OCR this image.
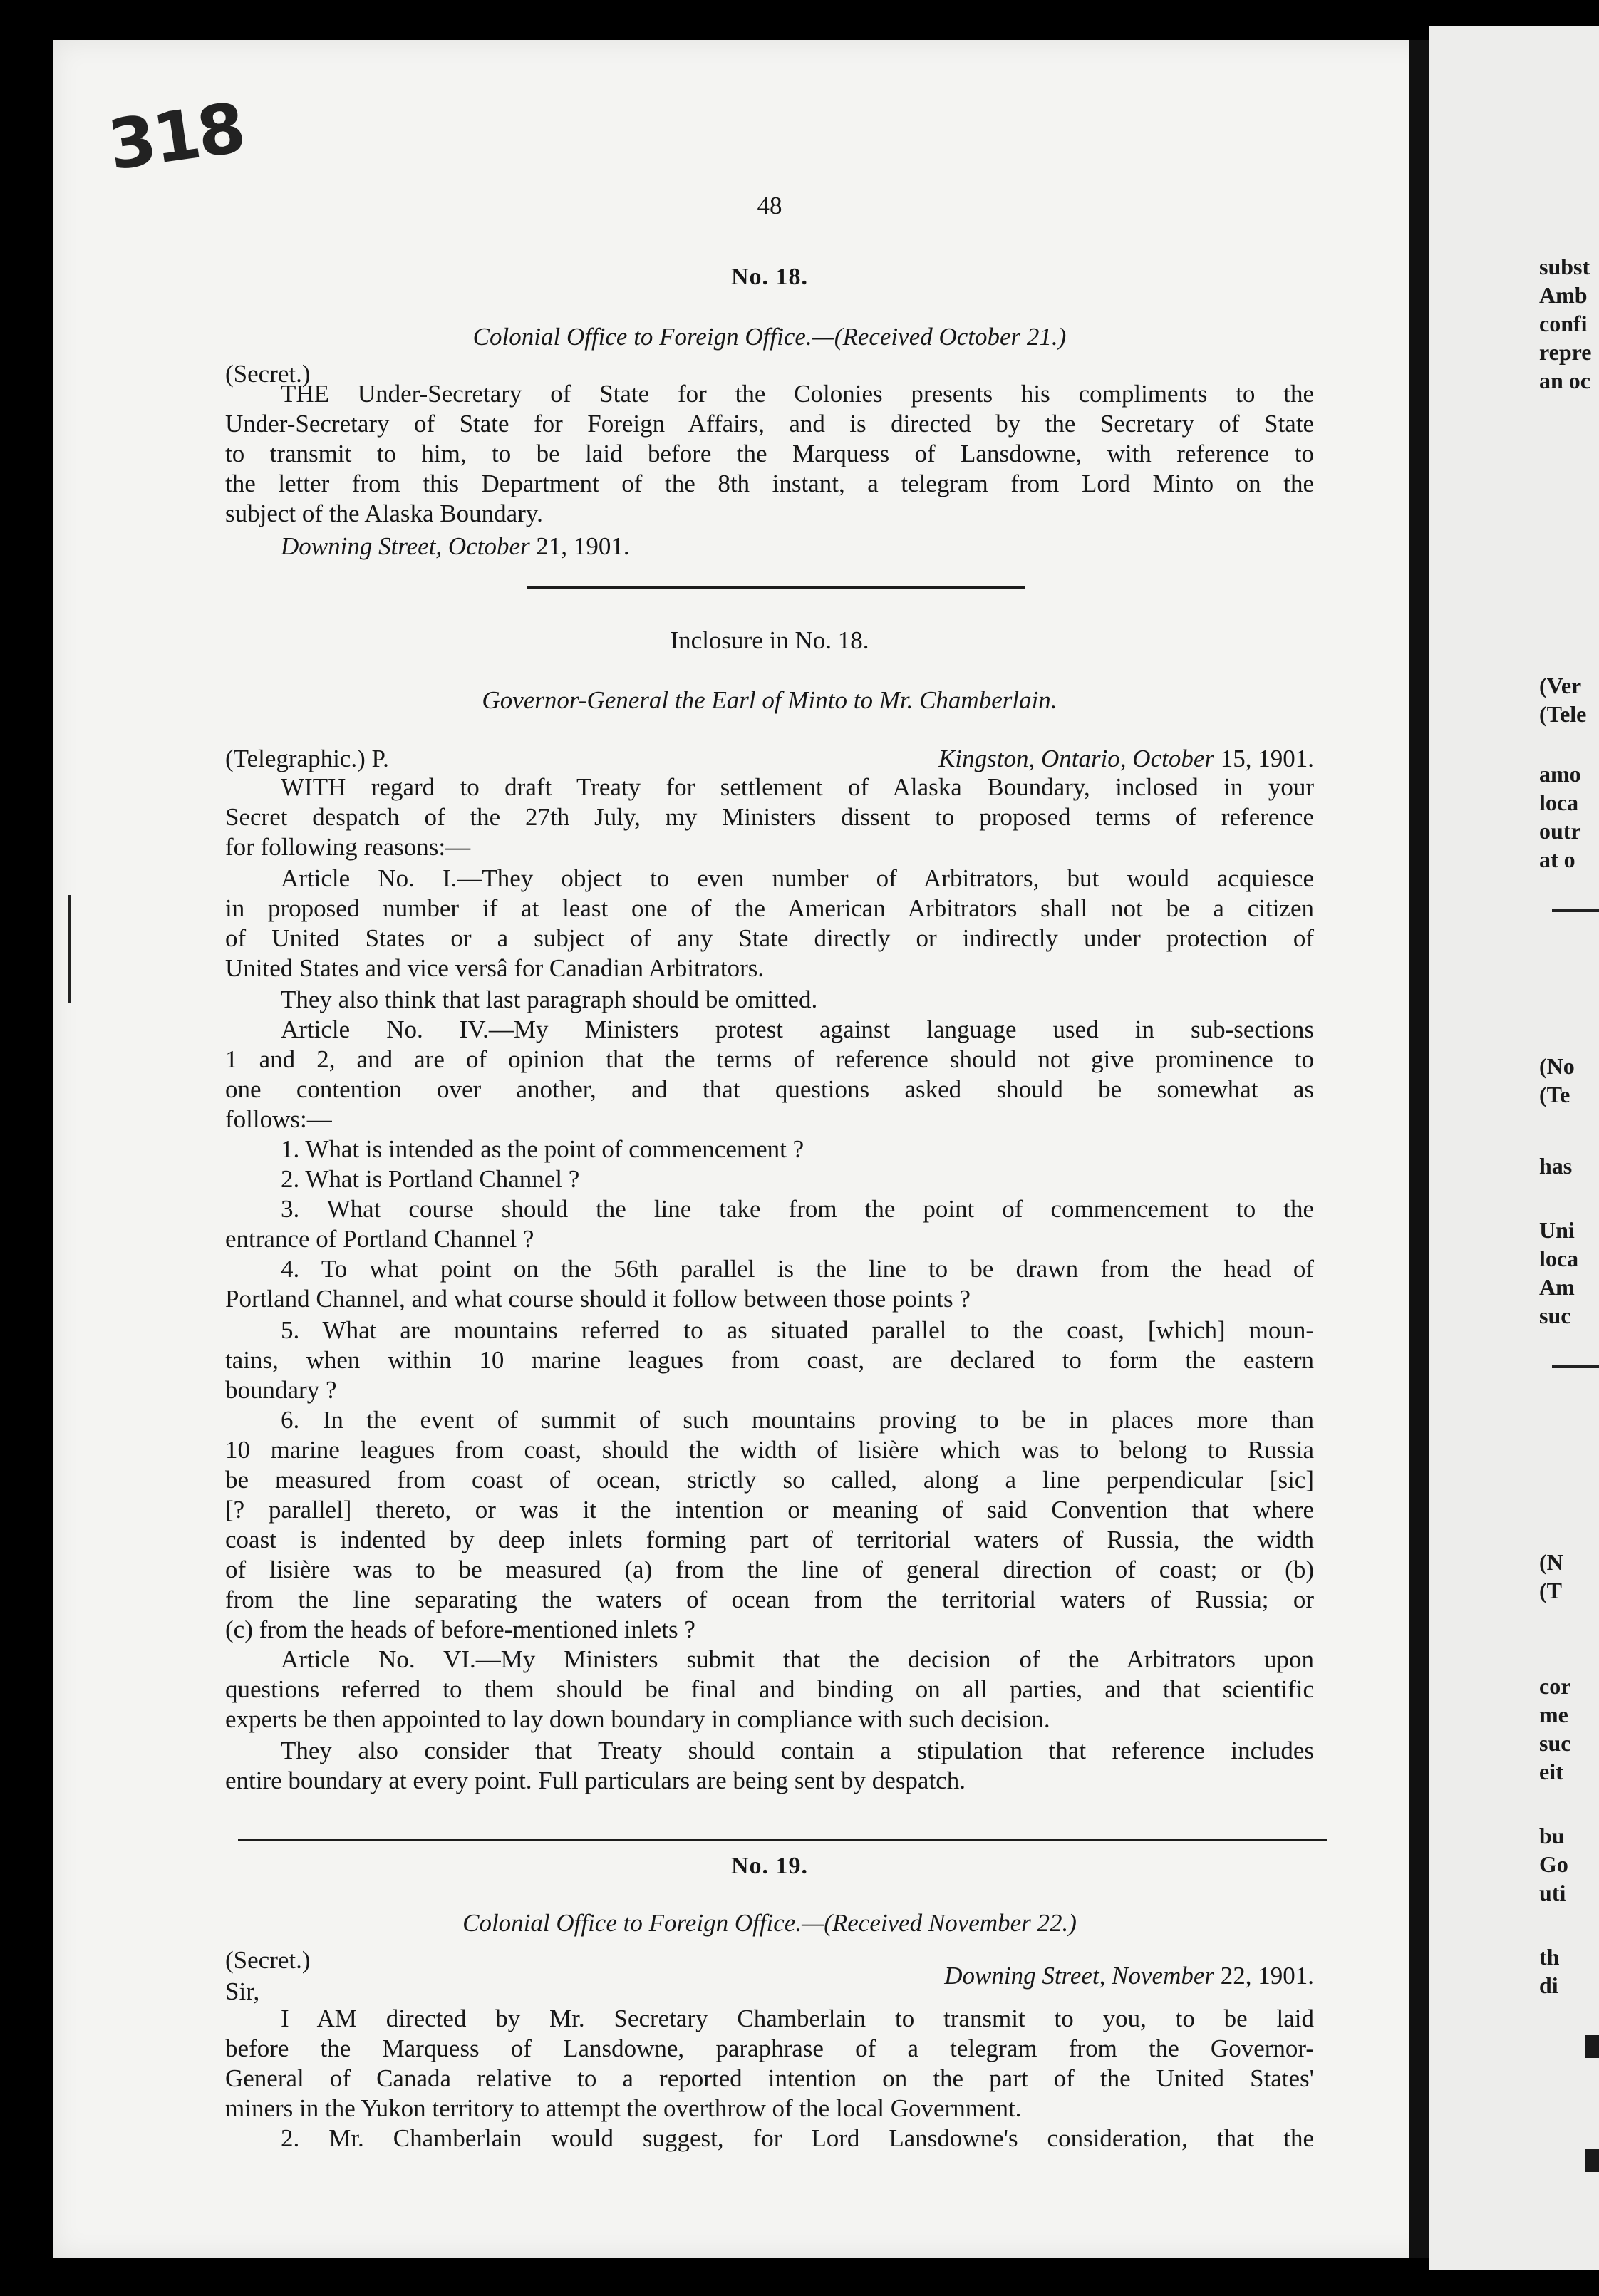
subst
Amb
confi
repre
an oc
(Ver
(Tele
amo
loca
outr
at o
(No
(Te
has
Uni
loca
Am
suc
(N
(T
cor
me
suc
eit
bu
Go
uti
th
di
318
48
No. 18.
Colonial Office to Foreign Office.—(Received October 21.)
(Secret.)
THE Under-Secretary of State for the Colonies presents his compliments to the
Under-Secretary of State for Foreign Affairs, and is directed by the Secretary of State
to transmit to him, to be laid before the Marquess of Lansdowne, with reference to
the letter from this Department of the 8th instant, a telegram from Lord Minto on the
subject of the Alaska Boundary.
Downing Street, October 21, 1901.
Inclosure in No. 18.
Governor-General the Earl of Minto to Mr. Chamberlain.
(Telegraphic.) P.	Kingston, Ontario, October 15, 1901.
WITH regard to draft Treaty for settlement of Alaska Boundary, inclosed in your
Secret despatch of the 27th July, my Ministers dissent to proposed terms of reference
for following reasons:—
Article No. I.—They object to even number of Arbitrators, but would acquiesce
in proposed number if at least one of the American Arbitrators shall not be a citizen
of United States or a subject of any State directly or indirectly under protection of
United States and vice versâ for Canadian Arbitrators.
They also think that last paragraph should be omitted.
Article No. IV.—My Ministers protest against language used in sub-sections
1 and 2, and are of opinion that the terms of reference should not give prominence to
one contention over another, and that questions asked should be somewhat as
follows:—
1. What is intended as the point of commencement ?
2. What is Portland Channel ?
3. What course should the line take from the point of commencement to the
entrance of Portland Channel ?
4. To what point on the 56th parallel is the line to be drawn from the head of
Portland Channel, and what course should it follow between those points ?
5. What are mountains referred to as situated parallel to the coast, [which] moun-
tains, when within 10 marine leagues from coast, are declared to form the eastern
boundary ?
6. In the event of summit of such mountains proving to be in places more than
10 marine leagues from coast, should the width of lisière which was to belong to Russia
be measured from coast of ocean, strictly so called, along a line perpendicular [sic]
[? parallel] thereto, or was it the intention or meaning of said Convention that where
coast is indented by deep inlets forming part of territorial waters of Russia, the width
of lisière was to be measured (a) from the line of general direction of coast; or (b)
from the line separating the waters of ocean from the territorial waters of Russia; or
(c) from the heads of before-mentioned inlets ?
Article No. VI.—My Ministers submit that the decision of the Arbitrators upon
questions referred to them should be final and binding on all parties, and that scientific
experts be then appointed to lay down boundary in compliance with such decision.
They also consider that Treaty should contain a stipulation that reference includes
entire boundary at every point. Full particulars are being sent by despatch.
No. 19.
Colonial Office to Foreign Office.—(Received November 22.)
(Secret.)
Downing Street, November 22, 1901.
Sir,
I AM directed by Mr. Secretary Chamberlain to transmit to you, to be laid
before the Marquess of Lansdowne, paraphrase of a telegram from the Governor-
General of Canada relative to a reported intention on the part of the United States'
miners in the Yukon territory to attempt the overthrow of the local Government.
2. Mr. Chamberlain would suggest, for Lord Lansdowne's consideration, that the
